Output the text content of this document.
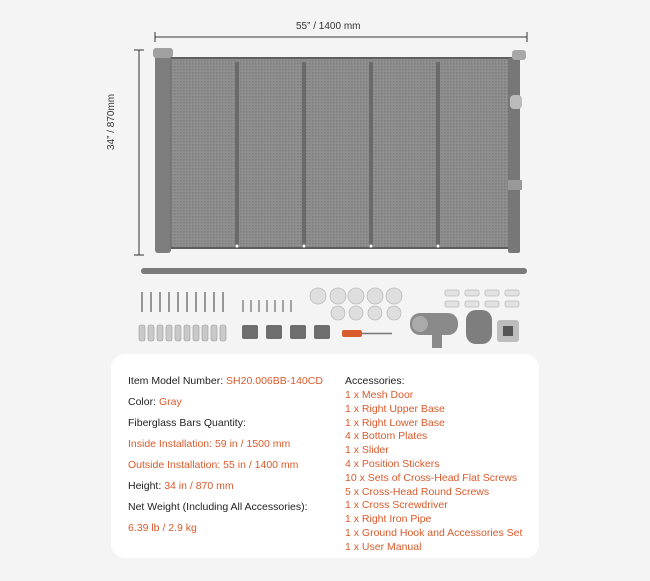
55” / 1400 mm
34” / 870mm
Item Model Number: SH20.006BB-140CD
Color: Gray
Fiberglass Bars Quantity:
Inside Installation: 59 in / 1500 mm
Outside Installation: 55 in / 1400 mm
Height: 34 in / 870 mm
Net Weight (Including All Accessories):
6.39 lb / 2.9 kg
Accessories:
1 x Mesh Door
1 x Right Upper Base
1 x Right Lower Base
4 x Bottom Plates
1 x Slider
4 x Position Stickers
10 x Sets of Cross-Head Flat Screws
5 x Cross-Head Round Screws
1 x Cross Screwdriver
1 x Right Iron Pipe
1 x Ground Hook and Accessories Set
1 x User Manual
